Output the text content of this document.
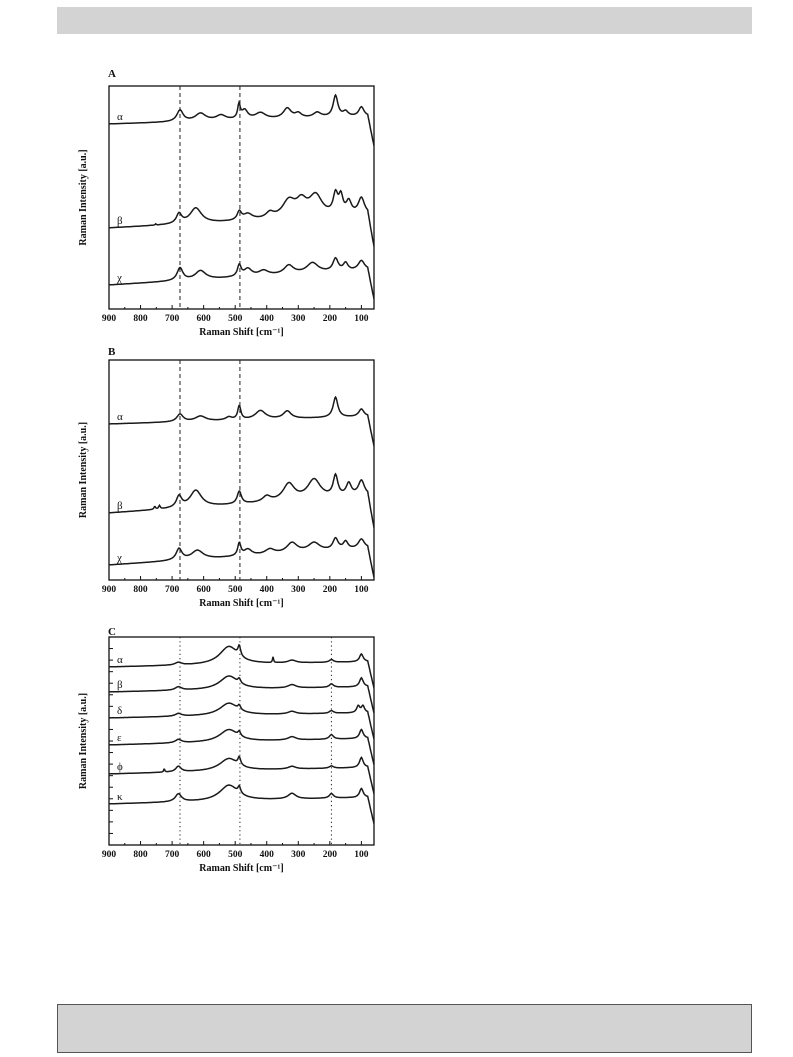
A
900 800 700 600 500 400 300 200 100
Raman Shift [cm⁻¹]
Raman Intensity [a.u.]
α
β
χ
B
900 800 700 600 500 400 300 200 100
Raman Shift [cm⁻¹]
Raman Intensity [a.u.]
α
β
χ
C
900 800 700 600 500 400 300 200 100
Raman Shift [cm⁻¹]
Raman Intensity [a.u.]
α
β
δ
ε
ϕ
κ
